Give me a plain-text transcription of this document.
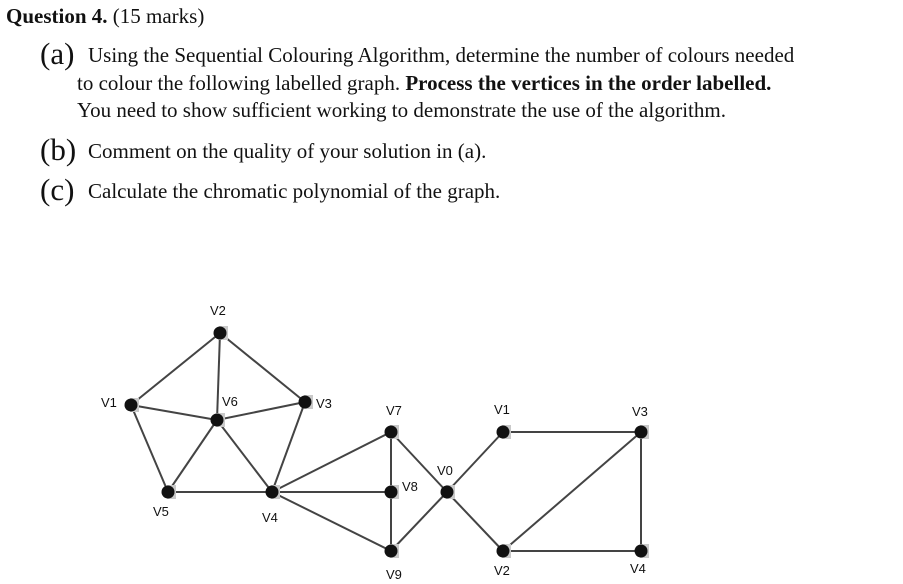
Question 4. (15 marks)
(a) Using the Sequential Colouring Algorithm, determine the number of colours needed
to colour the following labelled graph. Process the vertices in the order labelled.
You need to show sufficient working to demonstrate the use of the algorithm.
(b) Comment on the quality of your solution in (a).
(c) Calculate the chromatic polynomial of the graph.
V1
V2
V3
V4
V5
V6
V7
V8
V9
V0
V1
V2
V3
V4
